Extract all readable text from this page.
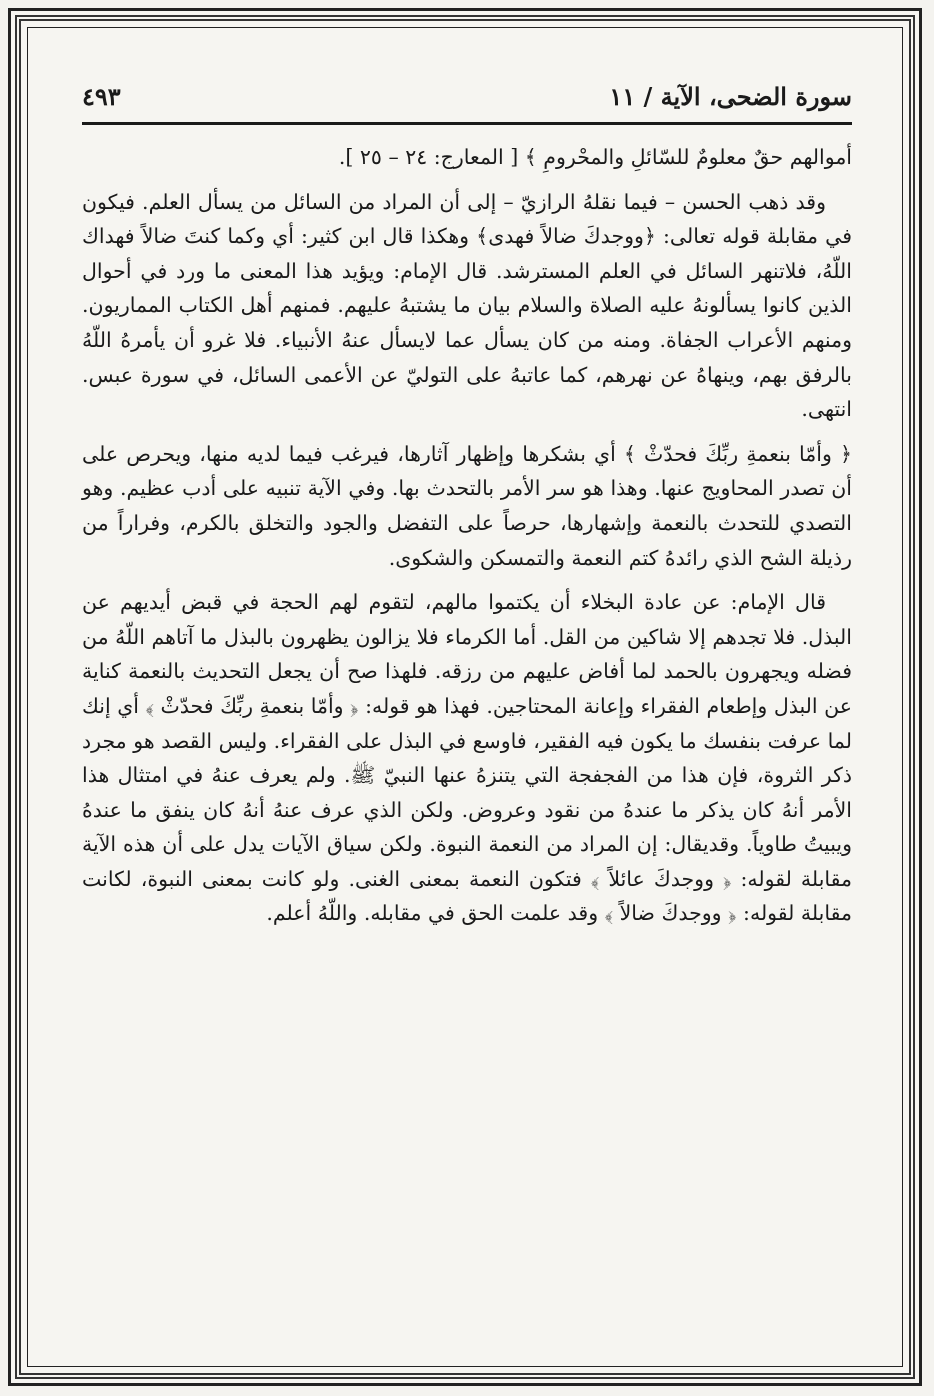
سورة الضحى، الآية / ١١
٤٩٣

أموالهم حقٌ معلومٌ للسّائلِ والمحْرومِ ﴾ [ المعارج: ٢٤ – ٢٥ ].

وقد ذهب الحسن – فيما نقلهُ الرازيّ – إلى أن المراد من السائل من يسأل العلم. فيكون في مقابلة قوله تعالى: ﴿ووجدكَ ضالاً فهدى﴾ وهكذا قال ابن كثير: أي وكما كنتَ ضالاً فهداك اللّهُ، فلاتنهر السائل في العلم المسترشد. قال الإمام: ويؤيد هذا المعنى ما ورد في أحوال الذين كانوا يسألونهُ عليه الصلاة والسلام بيان ما يشتبهُ عليهم. فمنهم أهل الكتاب المماريون. ومنهم الأعراب الجفاة. ومنه من كان يسأل عما لايسأل عنهُ الأنبياء. فلا غرو أن يأمرهُ اللّهُ بالرفق بهم، وينهاهُ عن نهرهم، كما عاتبهُ على التوليّ عن الأعمى السائل، في سورة عبس. انتهى.

﴿ وأمّا بنعمةِ ربِّكَ فحدّثْ ﴾ أي بشكرها وإظهار آثارها، فيرغب فيما لديه منها، ويحرص على أن تصدر المحاويج عنها. وهذا هو سر الأمر بالتحدث بها. وفي الآية تنبيه على أدب عظيم. وهو التصدي للتحدث بالنعمة وإشهارها، حرصاً على التفضل والجود والتخلق بالكرم، وفراراً من رذيلة الشح الذي رائدهُ كتم النعمة والتمسكن والشكوى.

قال الإمام: عن عادة البخلاء أن يكتموا مالهم، لتقوم لهم الحجة في قبض أيديهم عن البذل. فلا تجدهم إلا شاكين من القل. أما الكرماء فلا يزالون يظهرون بالبذل ما آتاهم اللّهُ من فضله ويجهرون بالحمد لما أفاض عليهم من رزقه. فلهذا صح أن يجعل التحديث بالنعمة كناية عن البذل وإطعام الفقراء وإعانة المحتاجين. فهذا هو قوله: ﴿ وأمّا بنعمةِ ربِّكَ فحدّثْ ﴾ أي إنك لما عرفت بنفسك ما يكون فيه الفقير، فاوسع في البذل على الفقراء. وليس القصد هو مجرد ذكر الثروة، فإن هذا من الفجفجة التي يتنزهُ عنها النبيّ ﷺ. ولم يعرف عنهُ في امتثال هذا الأمر أنهُ كان يذكر ما عندهُ من نقود وعروض. ولكن الذي عرف عنهُ أنهُ كان ينفق ما عندهُ ويبيتُ طاوياً. وقديقال: إن المراد من النعمة النبوة. ولكن سياق الآيات يدل على أن هذه الآية مقابلة لقوله: ﴿ ووجدكَ عائلاً ﴾ فتكون النعمة بمعنى الغنى. ولو كانت بمعنى النبوة، لكانت مقابلة لقوله: ﴿ ووجدكَ ضالاً ﴾ وقد علمت الحق في مقابله. واللّهُ أعلم.
